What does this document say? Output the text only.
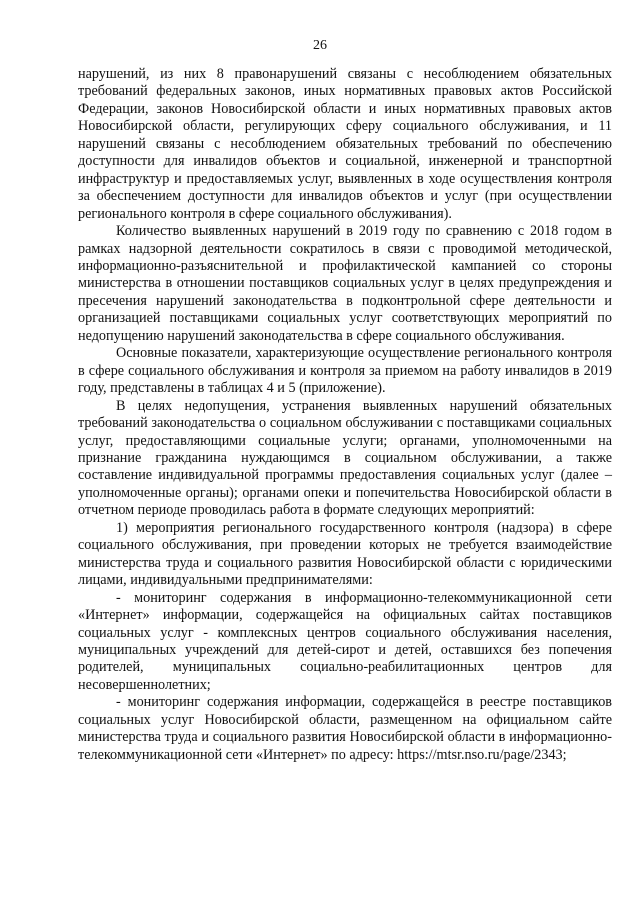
26

нарушений, из них 8 правонарушений связаны с несоблюдением обязательных требований федеральных законов, иных нормативных правовых актов Российской Федерации, законов Новосибирской области и иных нормативных правовых актов Новосибирской области, регулирующих сферу социального обслуживания, и 11 нарушений связаны с несоблюдением обязательных требований по обеспечению доступности для инвалидов объектов и социальной, инженерной и транспортной инфраструктур и предоставляемых услуг, выявленных в ходе осуществления контроля за обеспечением доступности для инвалидов объектов и услуг (при осуществлении регионального контроля в сфере социального обслуживания).

Количество выявленных нарушений в 2019 году по сравнению с 2018 годом в рамках надзорной деятельности сократилось в связи с проводимой методической, информационно-разъяснительной и профилактической кампанией со стороны министерства в отношении поставщиков социальных услуг в целях предупреждения и пресечения нарушений законодательства в подконтрольной сфере деятельности и организацией поставщиками социальных услуг соответствующих мероприятий по недопущению нарушений законодательства в сфере социального обслуживания.

Основные показатели, характеризующие осуществление регионального контроля в сфере социального обслуживания и контроля за приемом на работу инвалидов в 2019 году, представлены в таблицах 4 и 5 (приложение).

В целях недопущения, устранения выявленных нарушений обязательных требований законодательства о социальном обслуживании с поставщиками социальных услуг, предоставляющими социальные услуги; органами, уполномоченными на признание гражданина нуждающимся в социальном обслуживании, а также составление индивидуальной программы предоставления социальных услуг (далее – уполномоченные органы); органами опеки и попечительства Новосибирской области в отчетном периоде проводилась работа в формате следующих мероприятий:

1) мероприятия регионального государственного контроля (надзора) в сфере социального обслуживания, при проведении которых не требуется взаимодействие министерства труда и социального развития Новосибирской области с юридическими лицами, индивидуальными предпринимателями:

- мониторинг содержания в информационно-телекоммуникационной сети «Интернет» информации, содержащейся на официальных сайтах поставщиков социальных услуг - комплексных центров социального обслуживания населения, муниципальных учреждений для детей-сирот и детей, оставшихся без попечения родителей, муниципальных социально-реабилитационных центров для несовершеннолетних;

- мониторинг содержания информации, содержащейся в реестре поставщиков социальных услуг Новосибирской области, размещенном на официальном сайте министерства труда и социального развития Новосибирской области в информационно-телекоммуникационной сети «Интернет» по адресу: https://mtsr.nso.ru/page/2343;
